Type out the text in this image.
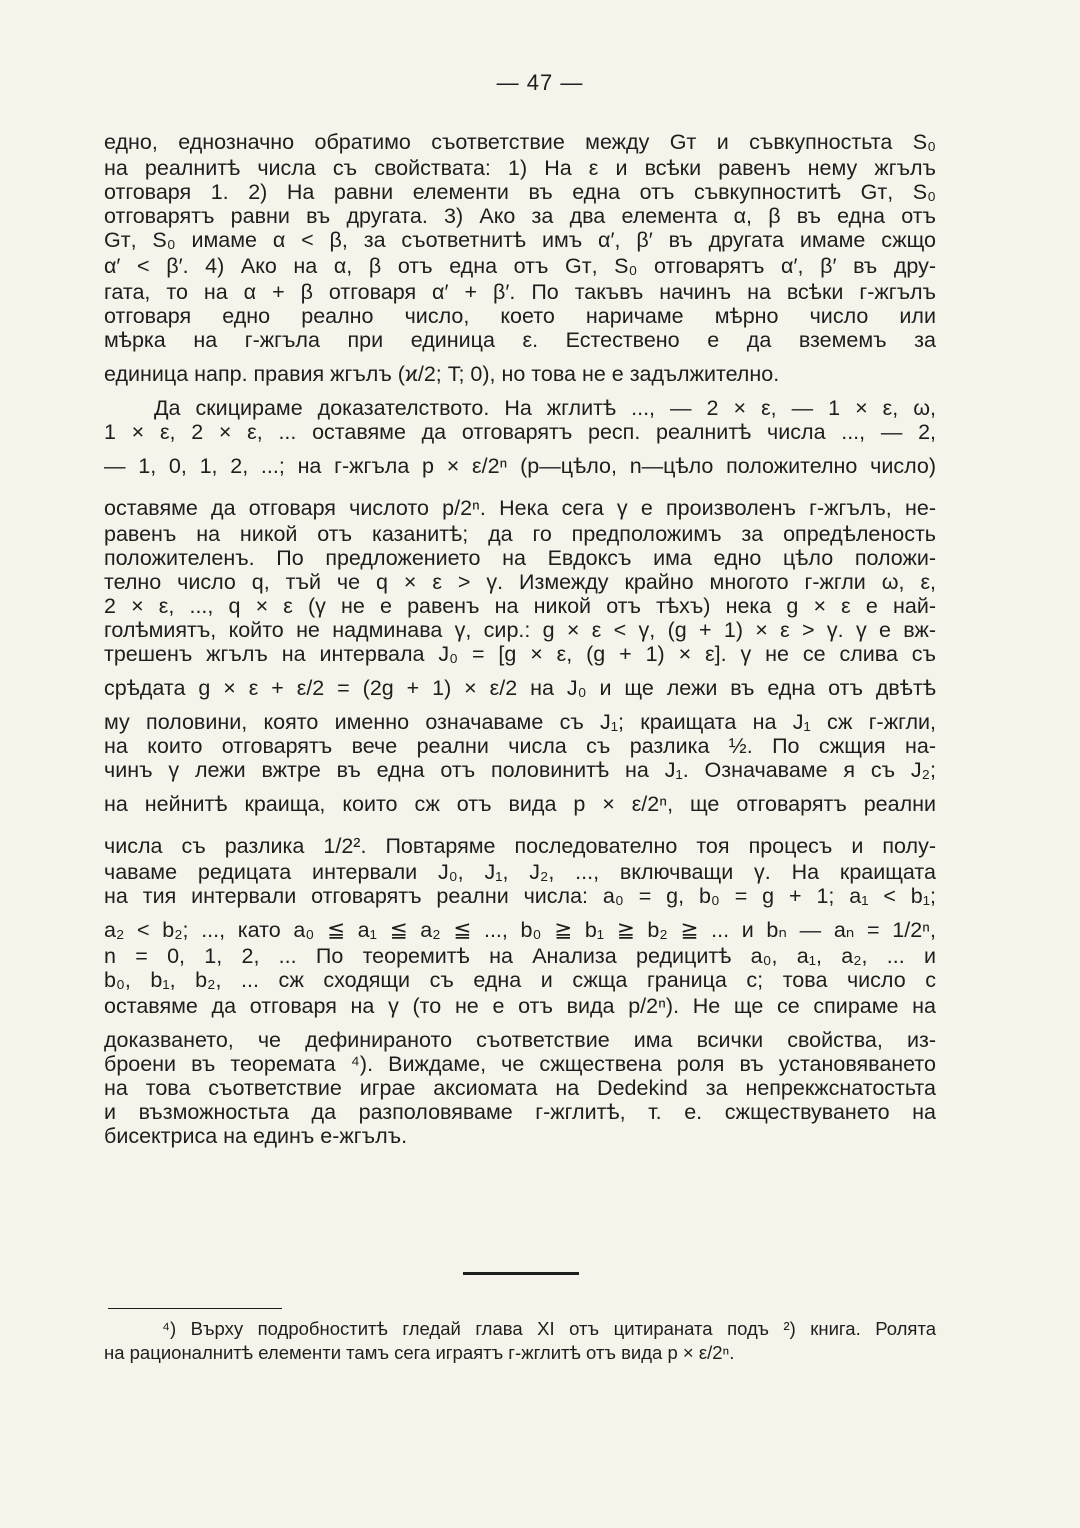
— 47 —
едно, еднозначно обратимо съответствие между Gᴛ и съвкупностьта S₀
на реалнитѣ числа съ свойствата: 1) На ε и всѣки равенъ нему жгълъ
отговаря 1. 2) На равни елементи въ една отъ съвкупноститѣ Gᴛ, S₀
отговарятъ равни въ другата. 3) Ако за два елемента α, β въ една отъ
Gᴛ, S₀ имаме α < β, за съответнитѣ имъ α′, β′ въ другата имаме сжщо
α′ < β′. 4) Ако на α, β отъ една отъ Gᴛ, S₀ отговарятъ α′, β′ въ дру-
гата, то на α + β отговаря α′ + β′. По такъвъ начинъ на всѣки г-жгълъ
отговаря едно реално число, което наричаме мѣрно число или
мѣрка на г-жгъла при единица ε. Естествено е да вземемъ за
единица напр. правия жгълъ (ϰ/2; T; 0), но това не е задължително.
Да скицираме доказателството. На жглитѣ ..., — 2 × ε, — 1 × ε, ω,
1 × ε, 2 × ε, ... оставяме да отговарятъ респ. реалнитѣ числа ..., — 2,
— 1, 0, 1, 2, ...; на г-жгъла p × ε/2ⁿ (p—цѣло, n—цѣло положително число)
оставяме да отговаря числото p/2ⁿ. Нека сега γ е произволенъ г-жгълъ, не-
равенъ на никой отъ казанитѣ; да го предположимъ за опредѣленость
положителенъ. По предложението на Евдоксъ има едно цѣло положи-
телно число q, тъй че q × ε > γ. Измежду крайно многото г-жгли ω, ε,
2 × ε, ..., q × ε (γ не е равенъ на никой отъ тѣхъ) нека g × ε е най-
голѣмиятъ, който не надминава γ, сир.: g × ε < γ, (g + 1) × ε > γ. γ е вж-
трешенъ жгълъ на интервала J₀ = [g × ε, (g + 1) × ε]. γ не се слива съ
срѣдата g × ε + ε/2 = (2g + 1) × ε/2 на J₀ и ще лежи въ една отъ двѣтѣ
му половини, която именно означаваме съ J₁; краищата на J₁ сж г-жгли,
на които отговарятъ вече реални числа съ разлика ½. По сжщия на-
чинъ γ лежи вжтре въ една отъ половинитѣ на J₁. Означаваме я съ J₂;
на нейнитѣ краища, които сж отъ вида p × ε/2ⁿ, ще отговарятъ реални
числа съ разлика 1/2². Повтаряме последователно тоя процесъ и полу-
чаваме редицата интервали J₀, J₁, J₂, ..., включващи γ. На краищата
на тия интервали отговарятъ реални числа: a₀ = g, b₀ = g + 1; a₁ < b₁;
a₂ < b₂; ..., като a₀ ≦ a₁ ≦ a₂ ≦ ..., b₀ ≧ b₁ ≧ b₂ ≧ ... и bₙ — aₙ = 1/2ⁿ,
n = 0, 1, 2, ... По теоремитѣ на Анализа редицитѣ a₀, a₁, a₂, ... и
b₀, b₁, b₂, ... сж сходящи съ една и сжща граница c; това число c
оставяме да отговаря на γ (то не е отъ вида p/2ⁿ). Не ще се спираме на
доказването, че дефинираното съответствие има всички свойства, из-
броени въ теоремата ⁴). Виждаме, че сжществена роля въ установяването
на това съответствие играе аксиомата на Dedekind за непрекжснатостьта
и възможностьта да разполовяваме г-жглитѣ, т. е. сжществуването на
бисектриса на единъ е-жгълъ.
⁴) Върху подробноститѣ гледай глава XI отъ цитираната подъ ²) книга. Ролята
на рационалнитѣ елементи тамъ сега играятъ г-жглитѣ отъ вида p × ε/2ⁿ.
